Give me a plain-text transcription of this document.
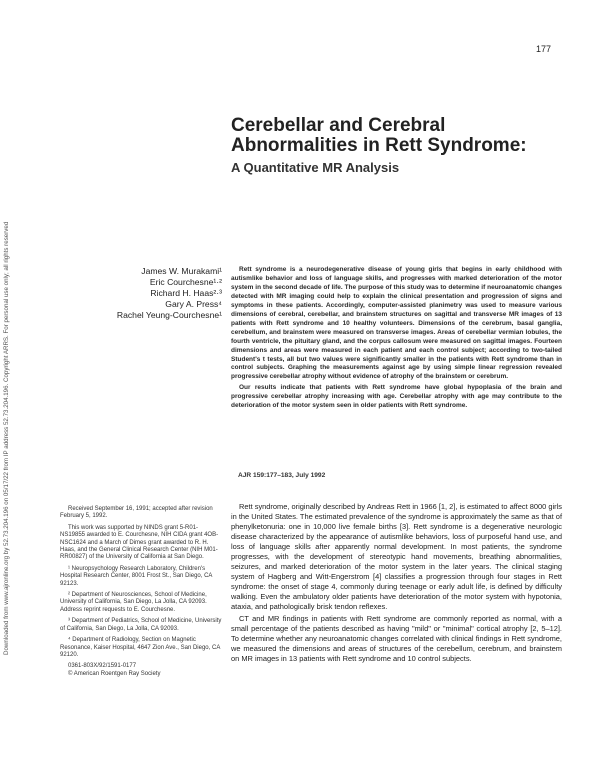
Downloaded from www.ajronline.org by 52.73.204.196 on 05/17/22 from IP address 52.73.204.196. Copyright ARRS. For personal use only; all rights reserved
177
Cerebellar and Cerebral Abnormalities in Rett Syndrome:
A Quantitative MR Analysis
James W. Murakami¹
Eric Courchesne¹·²
Richard H. Haas²·³
Gary A. Press⁴
Rachel Yeung-Courchesne¹

Rett syndrome is a neurodegenerative disease of young girls that begins in early childhood with autismlike behavior and loss of language skills, and progresses with marked deterioration of the motor system in the second decade of life. The purpose of this study was to determine if neuroanatomic changes detected with MR imaging could help to explain the clinical presentation and progression of signs and symptoms in these patients. Accordingly, computer-assisted planimetry was used to measure various dimensions of cerebral, cerebellar, and brainstem structures on sagittal and transverse MR images of 13 patients with Rett syndrome and 10 healthy volunteers. Dimensions of the cerebrum, basal ganglia, cerebellum, and brainstem were measured on transverse images. Areas of cerebellar vermian lobules, the fourth ventricle, the pituitary gland, and the corpus callosum were measured on sagittal images. Fourteen dimensions and areas were measured in each patient and each control subject; according to two-tailed Student's t tests, all but two values were significantly smaller in the patients with Rett syndrome than in control subjects. Graphing the measurements against age by using simple linear regression revealed progressive cerebellar atrophy without evidence of atrophy of the brainstem or cerebrum.

Our results indicate that patients with Rett syndrome have global hypoplasia of the brain and progressive cerebellar atrophy increasing with age. Cerebellar atrophy with age may contribute to the deterioration of the motor system seen in older patients with Rett syndrome.

AJR 159:177–183, July 1992

Received September 16, 1991; accepted after revision February 5, 1992.

This work was supported by NINDS grant 5-R01-NS19855 awarded to E. Courchesne, NIH CIDA grant 4OB-NSC1624 and a March of Dimes grant awarded to R. H. Haas, and the General Clinical Research Center (NIH M01-RR00827) of the University of California at San Diego.

¹ Neuropsychology Research Laboratory, Children's Hospital Research Center, 8001 Frost St., San Diego, CA 92123.

² Department of Neurosciences, School of Medicine, University of California, San Diego, La Jolla, CA 92093. Address reprint requests to E. Courchesne.

³ Department of Pediatrics, School of Medicine, University of California, San Diego, La Jolla, CA 92093.

⁴ Department of Radiology, Section on Magnetic Resonance, Kaiser Hospital, 4647 Zion Ave., San Diego, CA 92120.

0361-803X/92/1591-0177

© American Roentgen Ray Society

Rett syndrome, originally described by Andreas Rett in 1966 [1, 2], is estimated to affect 8000 girls in the United States. The estimated prevalence of the syndrome is approximately the same as that of phenylketonuria: one in 10,000 live female births [3]. Rett syndrome is a degenerative neurologic disease characterized by the appearance of autismlike behaviors, loss of purposeful hand use, and loss of language skills after apparently normal development. In most patients, the syndrome progresses, with the development of stereotypic hand movements, breathing abnormalities, seizures, and marked deterioration of the motor system in the later years. The clinical staging system of Hagberg and Witt-Engerstrom [4] classifies a progression through four stages in Rett syndrome: the onset of stage 4, commonly during teenage or early adult life, is defined by difficulty walking. Even the ambulatory older patients have deterioration of the motor system with hypotonia, ataxia, and pathologically brisk tendon reflexes.

CT and MR findings in patients with Rett syndrome are commonly reported as normal, with a small percentage of the patients described as having "mild" or "minimal" cortical atrophy [2, 5–12]. To determine whether any neuroanatomic changes correlated with clinical findings in Rett syndrome, we measured the dimensions and areas of structures of the cerebellum, cerebrum, and brainstem on MR images in 13 patients with Rett syndrome and 10 control subjects.
